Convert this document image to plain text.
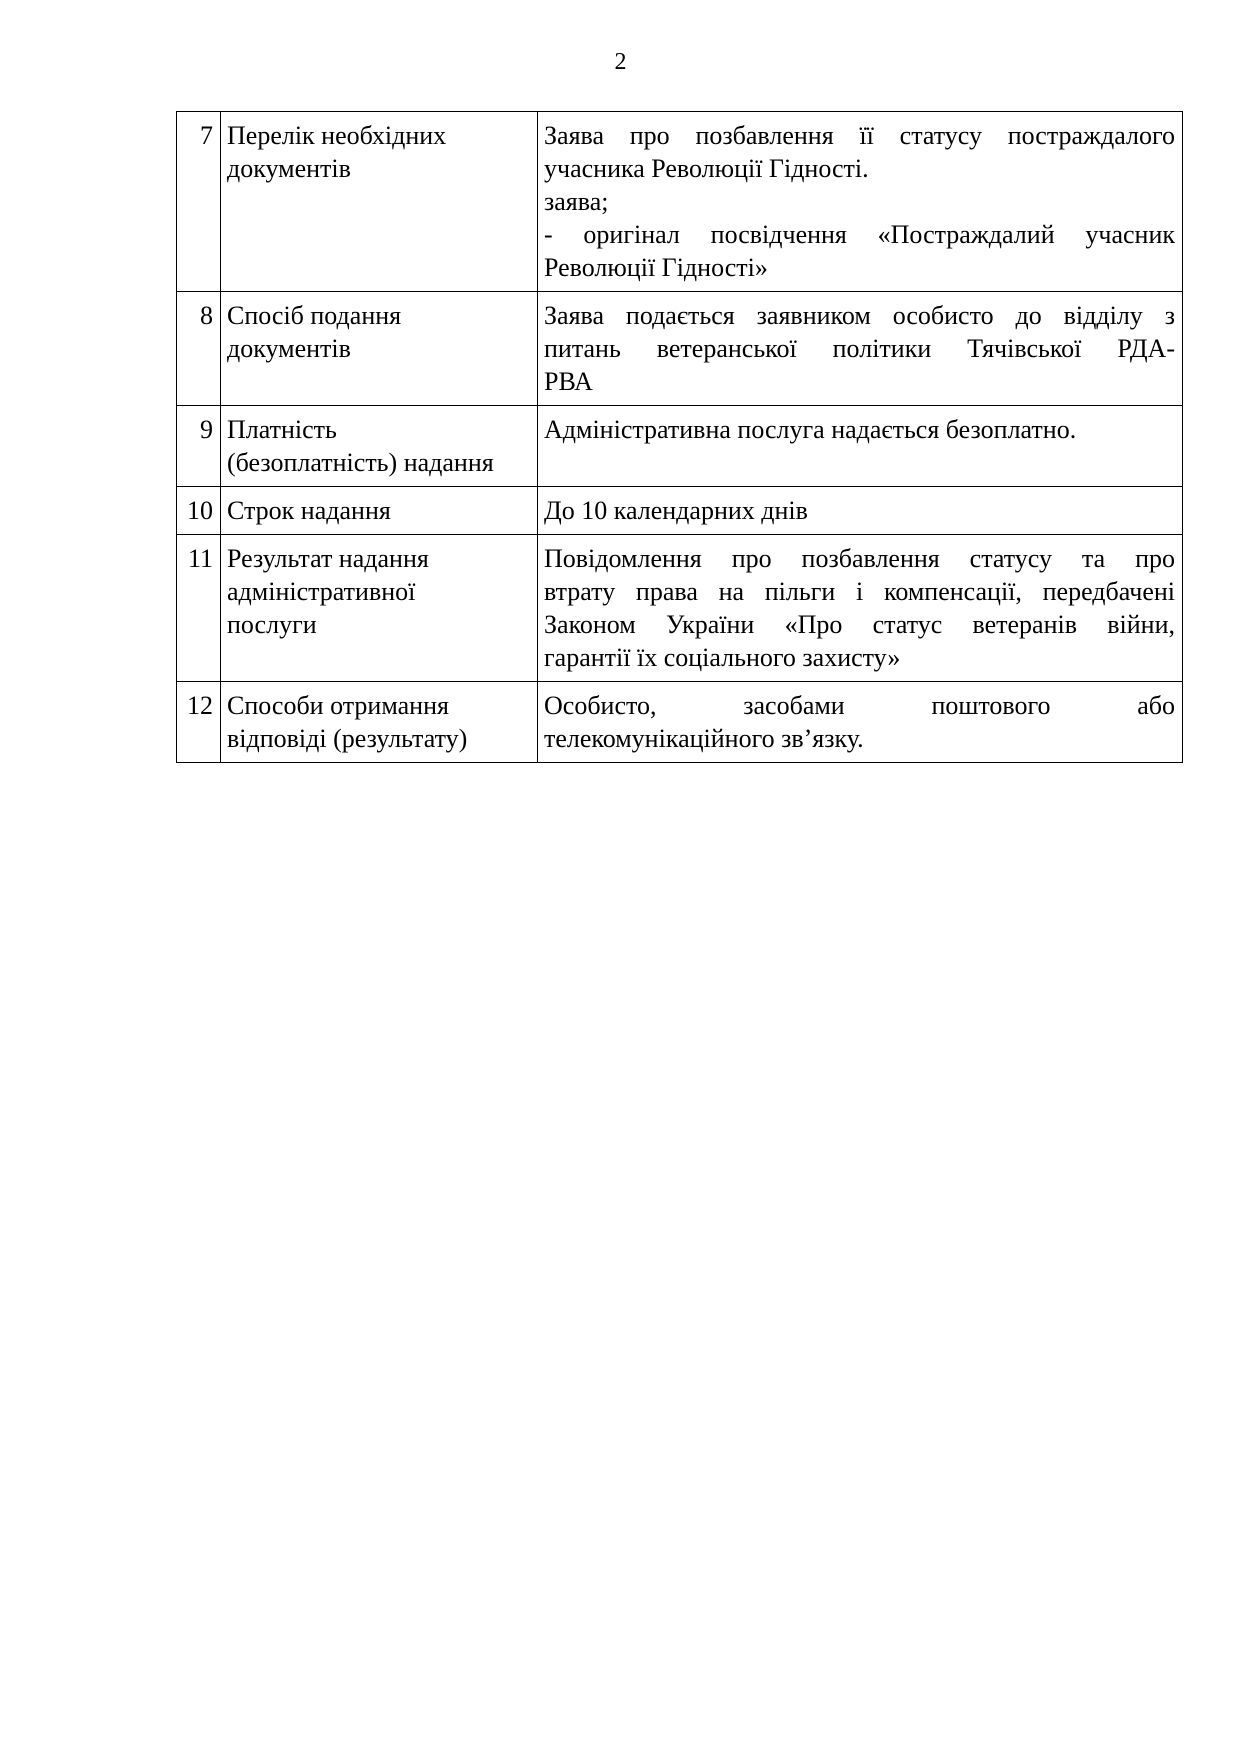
2
7	Перелік необхідних
документів	Заява про позбавлення її статусу постраждалого
учасника Революції Гідності.
заява;
- оригінал посвідчення «Постраждалий учасник
Революції Гідності»

8	Спосіб подання
документів	Заява подається заявником особисто до відділу з
питань ветеранської політики Тячівської РДА-
РВА

9	Платність
(безоплатність) надання	Адміністративна послуга надається безоплатно.

10	Строк надання	До 10 календарних днів

11	Результат надання
адміністративної
послуги	Повідомлення про позбавлення статусу та про
втрату права на пільги і компенсації, передбачені
Законом України «Про статус ветеранів війни,
гарантії їх соціального захисту»

12	Способи отримання
відповіді (результату)	Особисто, засобами поштового або
телекомунікаційного зв’язку.
